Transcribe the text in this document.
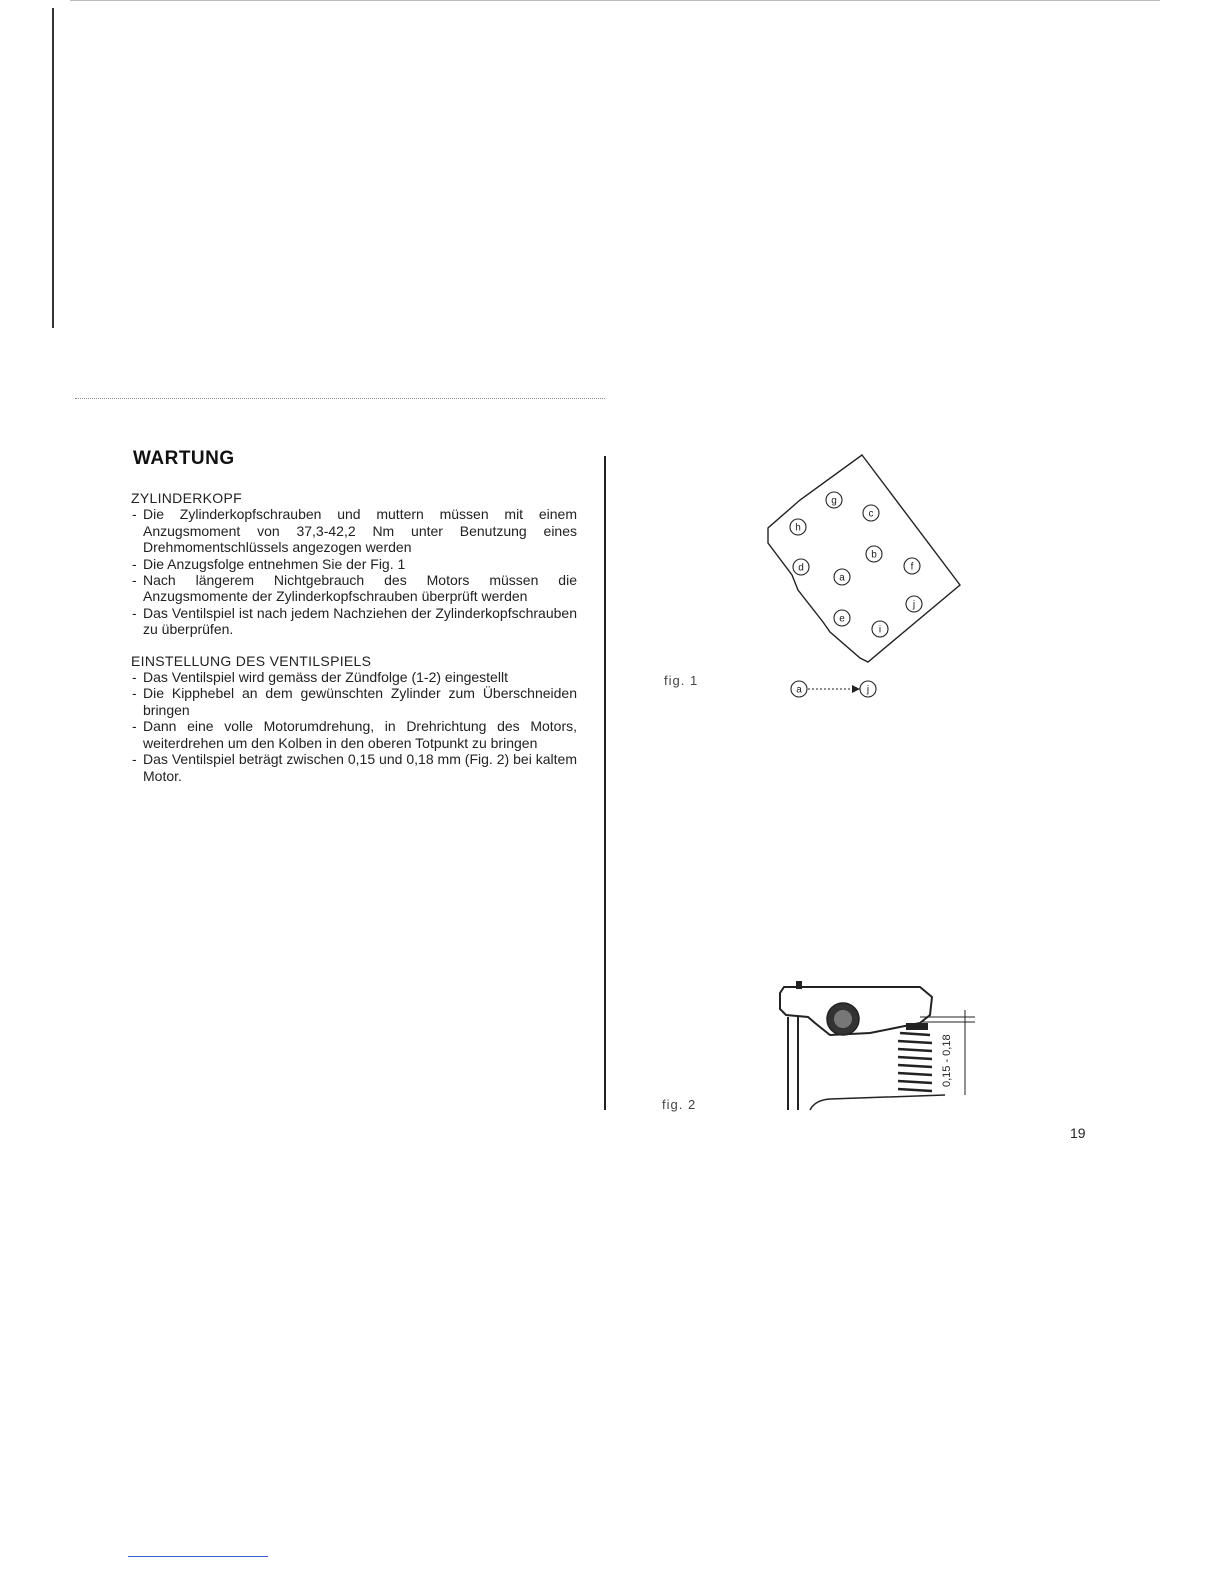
WARTUNG
ZYLINDERKOPF
- Die Zylinderkopfschrauben und muttern müssen mit einem Anzugsmoment von 37,3-42,2 Nm unter Benutzung eines Drehmomentschlüssels angezogen werden
- Die Anzugsfolge entnehmen Sie der Fig. 1
- Nach längerem Nichtgebrauch des Motors müssen die Anzugsmomente der Zylinderkopfschrauben überprüft werden
- Das Ventilspiel ist nach jedem Nachziehen der Zylinderkopfschrauben zu überprüfen.
EINSTELLUNG DES VENTILSPIELS
- Das Ventilspiel wird gemäss der Zündfolge (1-2) eingestellt
- Die Kipphebel an dem gewünschten Zylinder zum Überschneiden bringen
- Dann eine volle Motorumdrehung, in Drehrichtung des Motors, weiterdrehen um den Kolben in den oberen Totpunkt zu bringen
- Das Ventilspiel beträgt zwischen 0,15 und 0,18 mm (Fig. 2) bei kaltem Motor.
g
c
h
b
f
d
a
j
e
i
a	j
fig. 1
0,15 - 0,18
fig. 2
19
